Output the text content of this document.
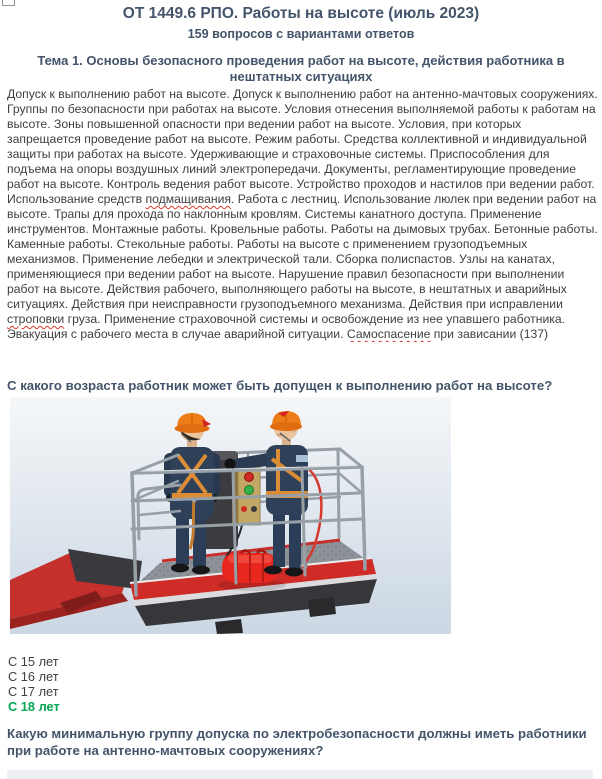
ОТ 1449.6 РПО. Работы на высоте (июль 2023)
159 вопросов с вариантами ответов
Тема 1. Основы безопасного проведения работ на высоте, действия работника в нештатных ситуациях
Допуск к выполнению работ на высоте. Допуск к выполнению работ на антенно-мачтовых сооружениях. Группы по безопасности при работах на высоте. Условия отнесения выполняемой работы к работам на высоте. Зоны повышенной опасности при ведении работ на высоте. Условия, при которых запрещается проведение работ на высоте. Режим работы. Средства коллективной и индивидуальной защиты при работах на высоте. Удерживающие и страховочные системы. Приспособления для подъема на опоры воздушных линий электропередачи. Документы, регламентирующие проведение работ на высоте. Контроль ведения работ высоте. Устройство проходов и настилов при ведении работ. Использование средств подмащивания. Работа с лестниц. Использование люлек при ведении работ на высоте. Трапы для прохода по наклонным кровлям. Системы канатного доступа. Применение инструментов. Монтажные работы. Кровельные работы. Работы на дымовых трубах. Бетонные работы. Каменные работы. Стекольные работы. Работы на высоте с применением грузоподъемных механизмов. Применение лебедки и электрической тали. Сборка полиспастов. Узлы на канатах, применяющиеся при ведении работ на высоте. Нарушение правил безопасности при выполнении работ на высоте. Действия рабочего, выполняющего работы на высоте, в нештатных и аварийных ситуациях. Действия при неисправности грузоподъемного механизма. Действия при исправлении строповки груза. Применение страховочной системы и освобождение из нее упавшего работника. Эвакуация с рабочего места в случае аварийной ситуации. Самоспасение при зависании (137)
С какого возраста работник может быть допущен к выполнению работ на высоте?
С 15 лет
С 16 лет
С 17 лет
С 18 лет
Какую минимальную группу допуска по электробезопасности должны иметь работники при работе на антенно-мачтовых сооружениях?
